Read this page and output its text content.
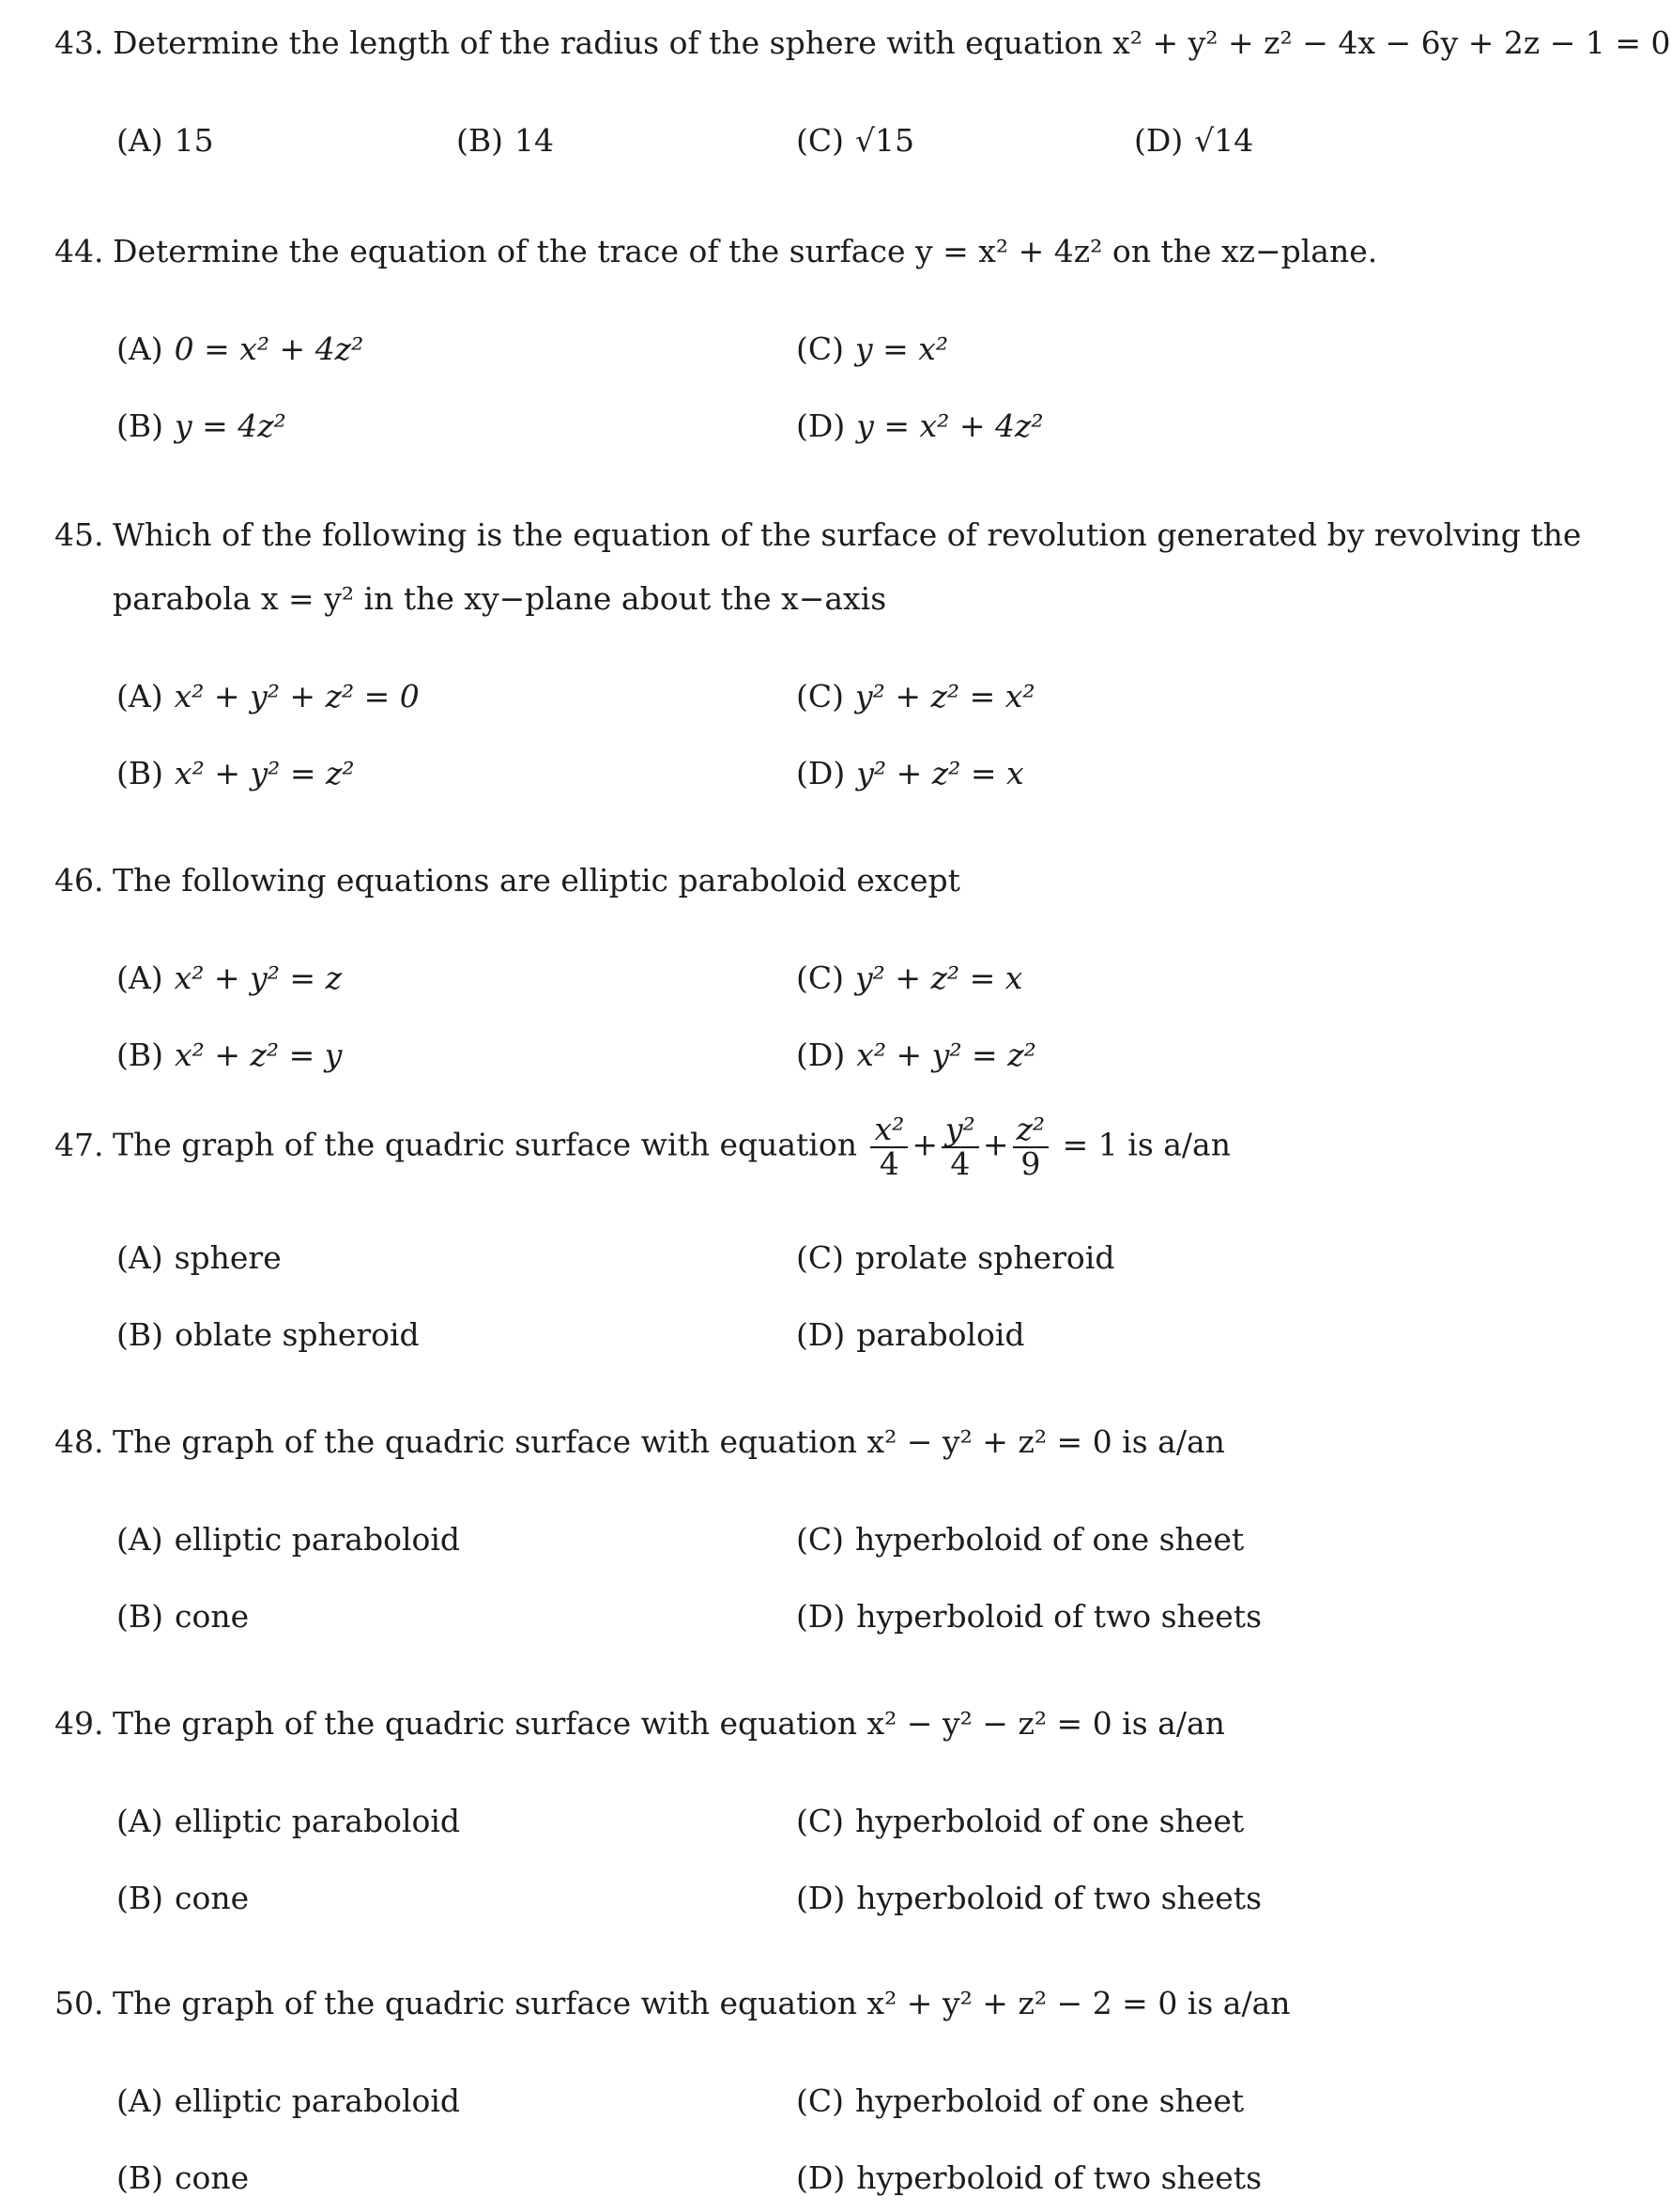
43. Determine the length of the radius of the sphere with equation x² + y² + z² − 4x − 6y + 2z − 1 = 0
(A) 15	(B) 14	(C) √15	(D) √14
44. Determine the equation of the trace of the surface y = x² + 4z² on the xz−plane.
(A) 0 = x² + 4z²
(B) y = 4z²
(C) y = x²
(D) y = x² + 4z²
45. Which of the following is the equation of the surface of revolution generated by revolving the
parabola x = y² in the xy−plane about the x−axis
(A) x² + y² + z² = 0
(B) x² + y² = z²
(C) y² + z² = x²
(D) y² + z² = x
46. The following equations are elliptic paraboloid except
(A) x² + y² = z
(B) x² + z² = y
(C) y² + z² = x
(D) x² + y² = z²
47. The graph of the quadric surface with equation $\frac{\text{x²}}{4} + \frac{\text{y²}}{4} + \frac{\text{z²}}{9} = 1$ is a/an
(A) sphere
(B) oblate spheroid
(C) prolate spheroid
(D) paraboloid
48. The graph of the quadric surface with equation x² − y² + z² = 0 is a/an
(A) elliptic paraboloid
(B) cone
(C) hyperboloid of one sheet
(D) hyperboloid of two sheets
49. The graph of the quadric surface with equation x² − y² − z² = 0 is a/an
(A) elliptic paraboloid
(B) cone
(C) hyperboloid of one sheet
(D) hyperboloid of two sheets
50. The graph of the quadric surface with equation x² + y² + z² − 2 = 0 is a/an
(A) elliptic paraboloid
(B) cone
(C) hyperboloid of one sheet
(D) hyperboloid of two sheets
